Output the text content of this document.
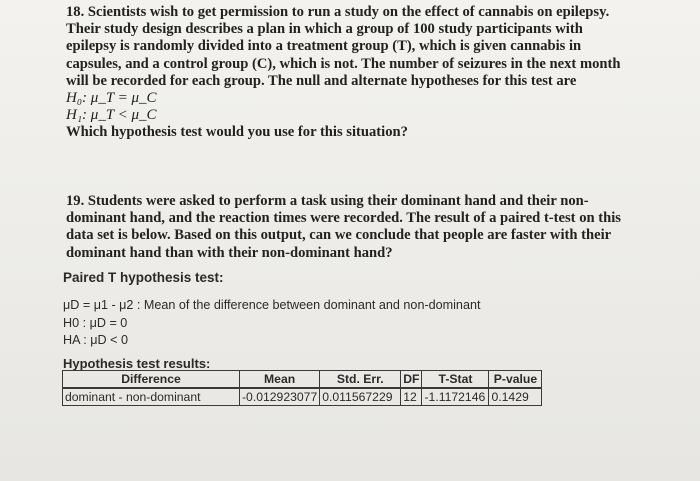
18. Scientists wish to get permission to run a study on the effect of cannabis on epilepsy.

Their study design describes a plan in which a group of 100 study participants with

epilepsy is randomly divided into a treatment group (T), which is given cannabis in

capsules, and a control group (C), which is not. The number of seizures in the next month

will be recorded for each group. The null and alternate hypotheses for this test are

H₀: μ_T = μ_C

H₁: μ_T < μ_C

Which hypothesis test would you use for this situation?

19. Students were asked to perform a task using their dominant hand and their non-

dominant hand, and the reaction times were recorded. The result of a paired t-test on this

data set is below. Based on this output, can we conclude that people are faster with their

dominant hand than with their non-dominant hand?

Paired T hypothesis test:
μD = μ1 - μ2 : Mean of the difference between dominant and non-dominant
H0 : μD = 0
HA : μD < 0
Hypothesis test results:
Difference	Mean	Std. Err.	DF	T-Stat	P-value
dominant - non-dominant	-0.012923077	0.011567229	12	-1.1172146	0.1429
